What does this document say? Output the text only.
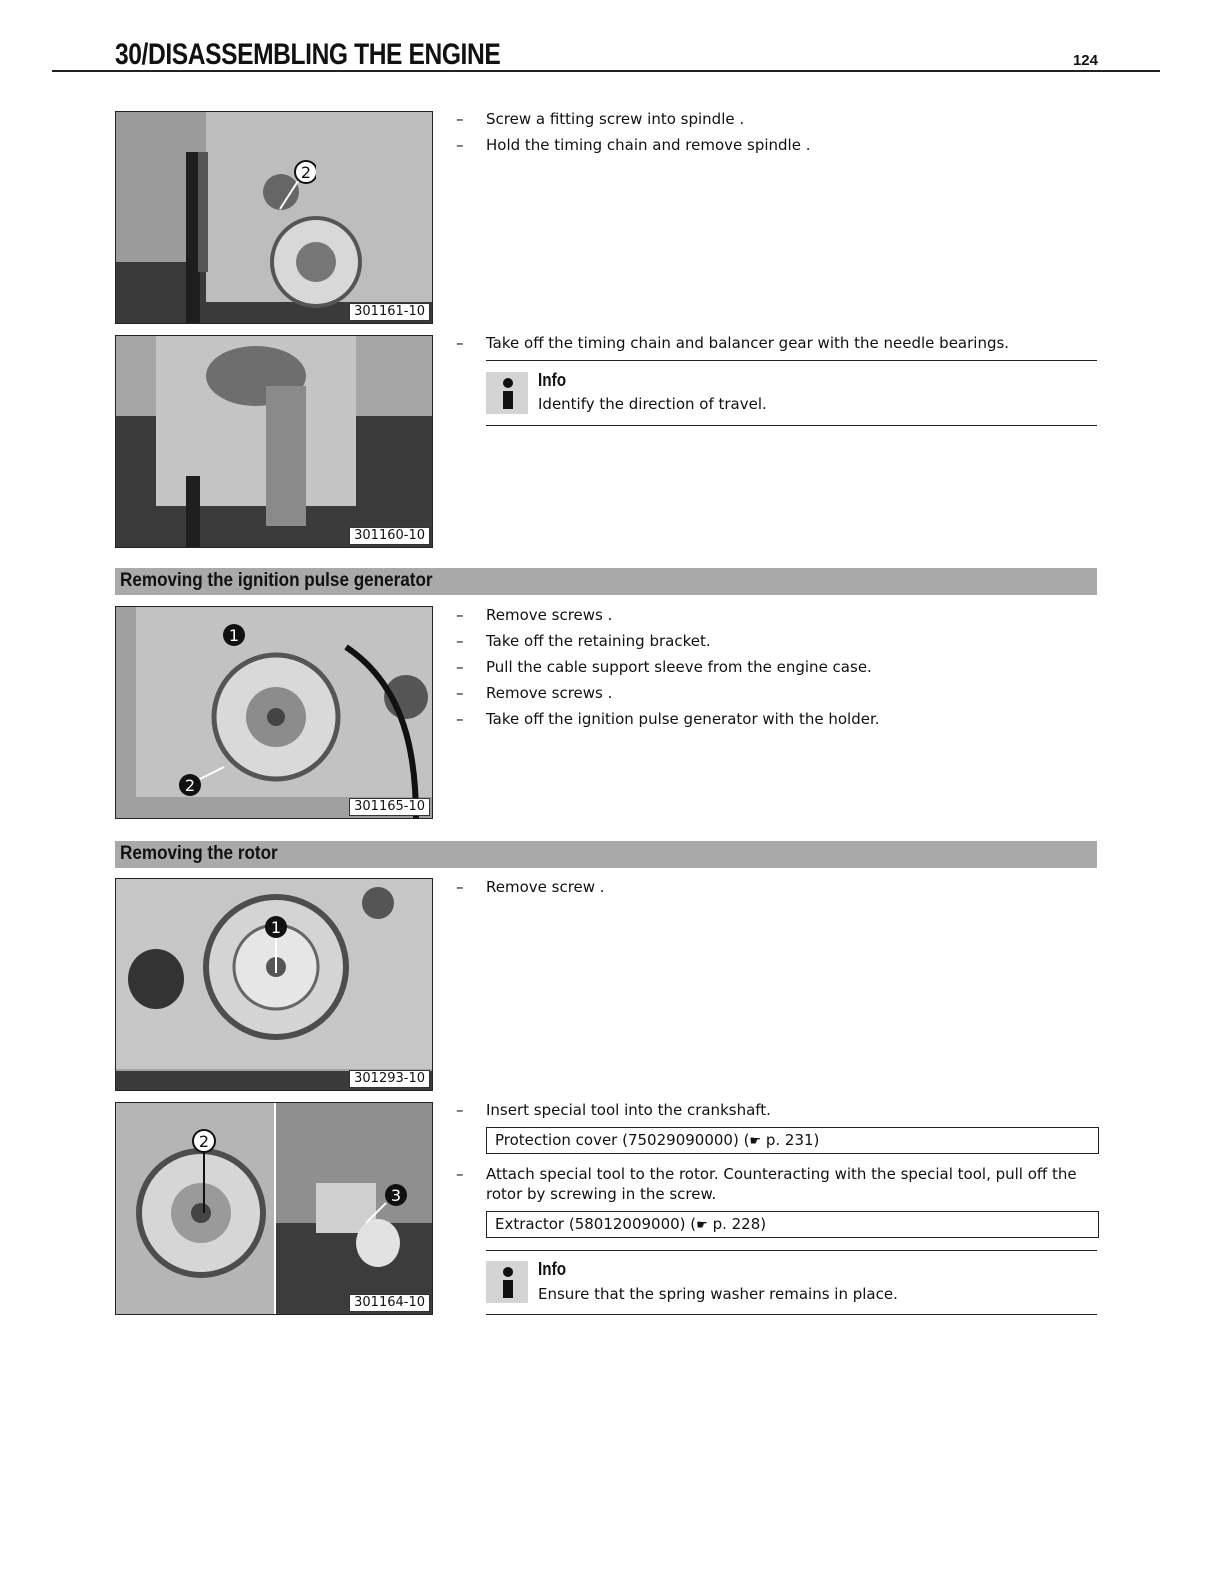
30/DISASSEMBLING THE ENGINE	124
2
301161-10
301160-10
–	Screw a fitting screw into spindle .
–	Hold the timing chain and remove spindle .
–	Take off the timing chain and balancer gear with the needle bearings.
Info
Identify the direction of travel.
Removing the ignition pulse generator
1
2
301165-10
–	Remove screws .
–	Take off the retaining bracket.
–	Pull the cable support sleeve from the engine case.
–	Remove screws .
–	Take off the ignition pulse generator with the holder.
Removing the rotor
1
301293-10
–	Remove screw .
2
3
301164-10
–	Insert special tool into the crankshaft.
Protection cover (75029090000) (☛ p. 231)
–	Attach special tool to the rotor. Counteracting with the special tool, pull off the rotor by screwing in the screw.
Extractor (58012009000) (☛ p. 228)
Info
Ensure that the spring washer remains in place.
